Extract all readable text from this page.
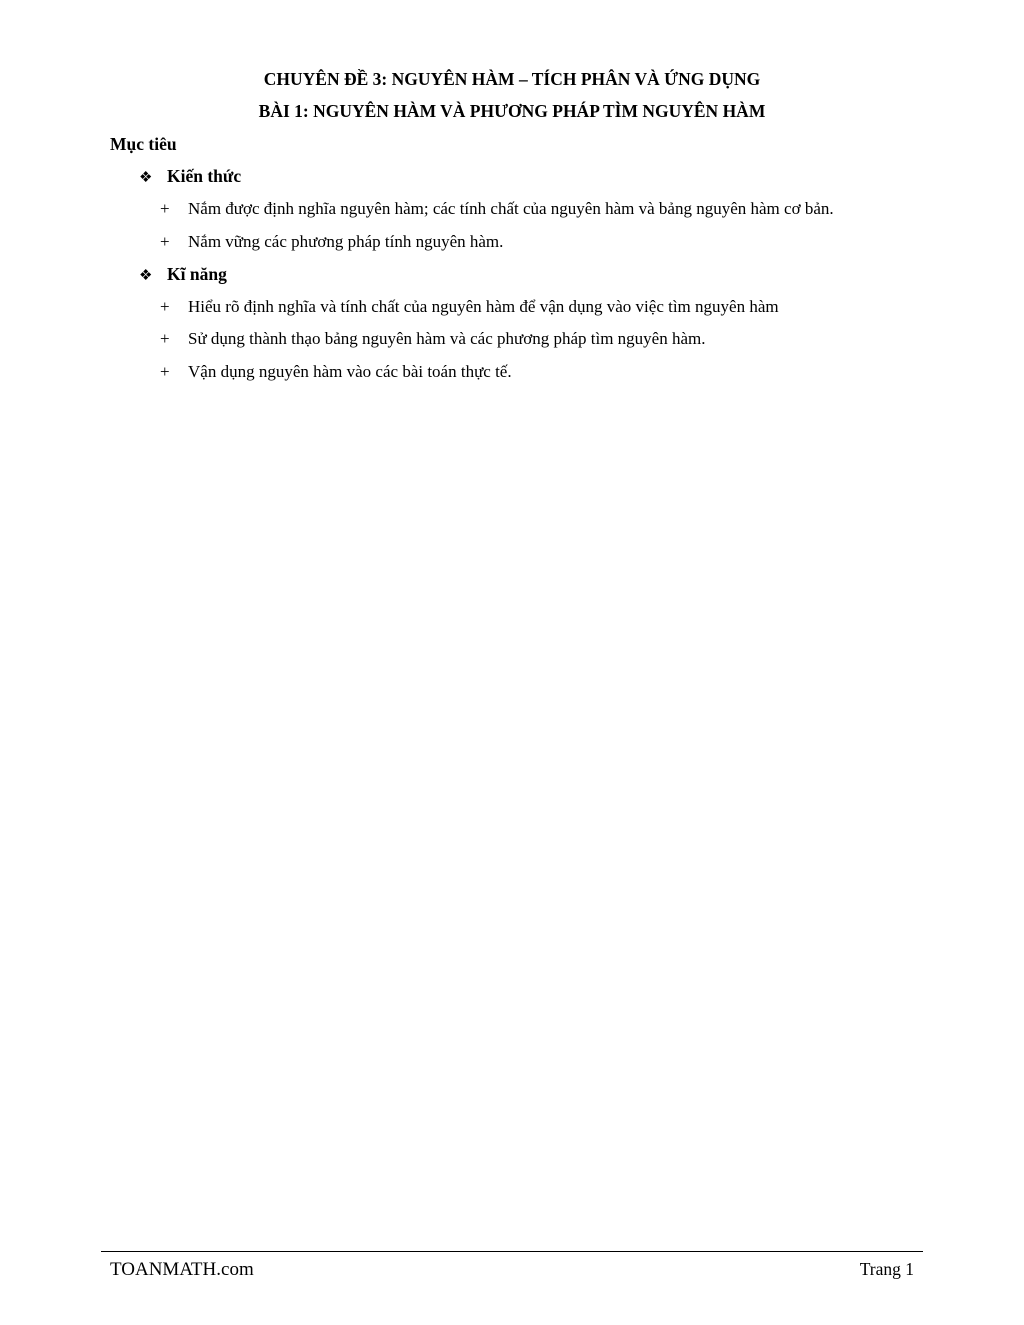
CHUYÊN ĐỀ 3: NGUYÊN HÀM – TÍCH PHÂN VÀ ỨNG DỤNG
BÀI 1: NGUYÊN HÀM VÀ PHƯƠNG PHÁP TÌM NGUYÊN HÀM
Mục tiêu
❖ Kiến thức
+ Nắm được định nghĩa nguyên hàm; các tính chất của nguyên hàm và bảng nguyên hàm cơ bản.
+ Nắm vững các phương pháp tính nguyên hàm.
❖ Kĩ năng
+ Hiểu rõ định nghĩa và tính chất của nguyên hàm để vận dụng vào việc tìm nguyên hàm
+ Sử dụng thành thạo bảng nguyên hàm và các phương pháp tìm nguyên hàm.
+ Vận dụng nguyên hàm vào các bài toán thực tế.
TOANMATH.com	Trang 1
